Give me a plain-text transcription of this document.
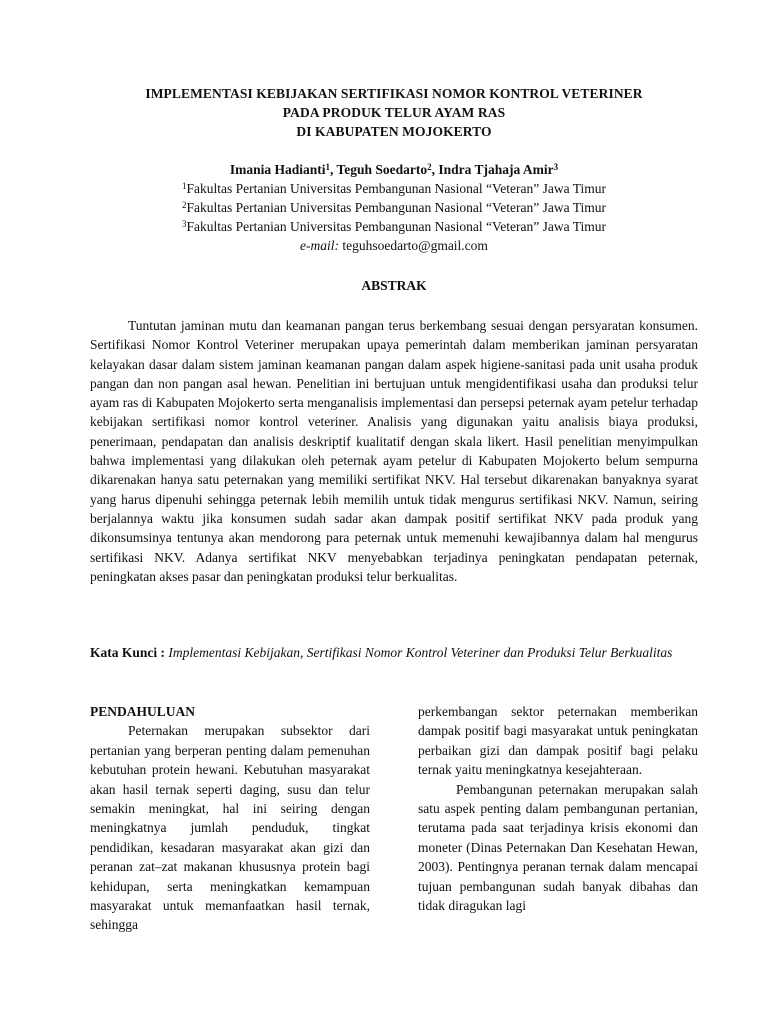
IMPLEMENTASI KEBIJAKAN SERTIFIKASI NOMOR KONTROL VETERINER
PADA PRODUK TELUR AYAM RAS
DI KABUPATEN MOJOKERTO
Imania Hadianti$^1$, Teguh Soedarto$^2$, Indra Tjahaja Amir$^3$
$^1$Fakultas Pertanian Universitas Pembangunan Nasional “Veteran” Jawa Timur
$^2$Fakultas Pertanian Universitas Pembangunan Nasional “Veteran” Jawa Timur
$^3$Fakultas Pertanian Universitas Pembangunan Nasional “Veteran” Jawa Timur
e-mail: teguhsoedarto@gmail.com
ABSTRAK

Tuntutan jaminan mutu dan keamanan pangan terus berkembang sesuai dengan persyaratan konsumen. Sertifikasi Nomor Kontrol Veteriner merupakan upaya pemerintah dalam memberikan jaminan persyaratan kelayakan dasar dalam sistem jaminan keamanan pangan dalam aspek higiene-sanitasi pada unit usaha produk pangan dan non pangan asal hewan. Penelitian ini bertujuan untuk mengidentifikasi usaha dan produksi telur ayam ras di Kabupaten Mojokerto serta menganalisis implementasi dan persepsi peternak ayam petelur terhadap kebijakan sertifikasi nomor kontrol veteriner. Analisis yang digunakan yaitu analisis biaya produksi, penerimaan, pendapatan dan analisis deskriptif kualitatif dengan skala likert. Hasil penelitian menyimpulkan bahwa implementasi yang dilakukan oleh peternak ayam petelur di Kabupaten Mojokerto belum sempurna dikarenakan hanya satu peternakan yang memiliki sertifikat NKV. Hal tersebut dikarenakan banyaknya syarat yang harus dipenuhi sehingga peternak lebih memilih untuk tidak mengurus sertifikasi NKV. Namun, seiring berjalannya waktu jika konsumen sudah sadar akan dampak positif sertifikat NKV pada produk yang dikonsumsinya tentunya akan mendorong para peternak untuk memenuhi kewajibannya dalam hal mengurus sertifikasi NKV. Adanya sertifikat NKV menyebabkan terjadinya peningkatan pendapatan peternak, peningkatan akses pasar dan peningkatan produksi telur berkualitas.

Kata Kunci : Implementasi Kebijakan, Sertifikasi Nomor Kontrol Veteriner dan Produksi Telur Berkualitas

PENDAHULUAN

Peternakan merupakan subsektor dari pertanian yang berperan penting dalam pemenuhan kebutuhan protein hewani. Kebutuhan masyarakat akan hasil ternak seperti daging, susu dan telur semakin meningkat, hal ini seiring dengan meningkatnya jumlah penduduk, tingkat pendidikan, kesadaran masyarakat akan gizi dan peranan zat–zat makanan khususnya protein bagi kehidupan, serta meningkatkan kemampuan masyarakat untuk memanfaatkan hasil ternak, sehingga

perkembangan sektor peternakan memberikan dampak positif bagi masyarakat untuk peningkatan perbaikan gizi dan dampak positif bagi pelaku ternak yaitu meningkatnya kesejahteraan.

Pembangunan peternakan merupakan salah satu aspek penting dalam pembangunan pertanian, terutama pada saat terjadinya krisis ekonomi dan moneter (Dinas Peternakan Dan Kesehatan Hewan, 2003). Pentingnya peranan ternak dalam mencapai tujuan pembangunan sudah banyak dibahas dan tidak diragukan lagi
